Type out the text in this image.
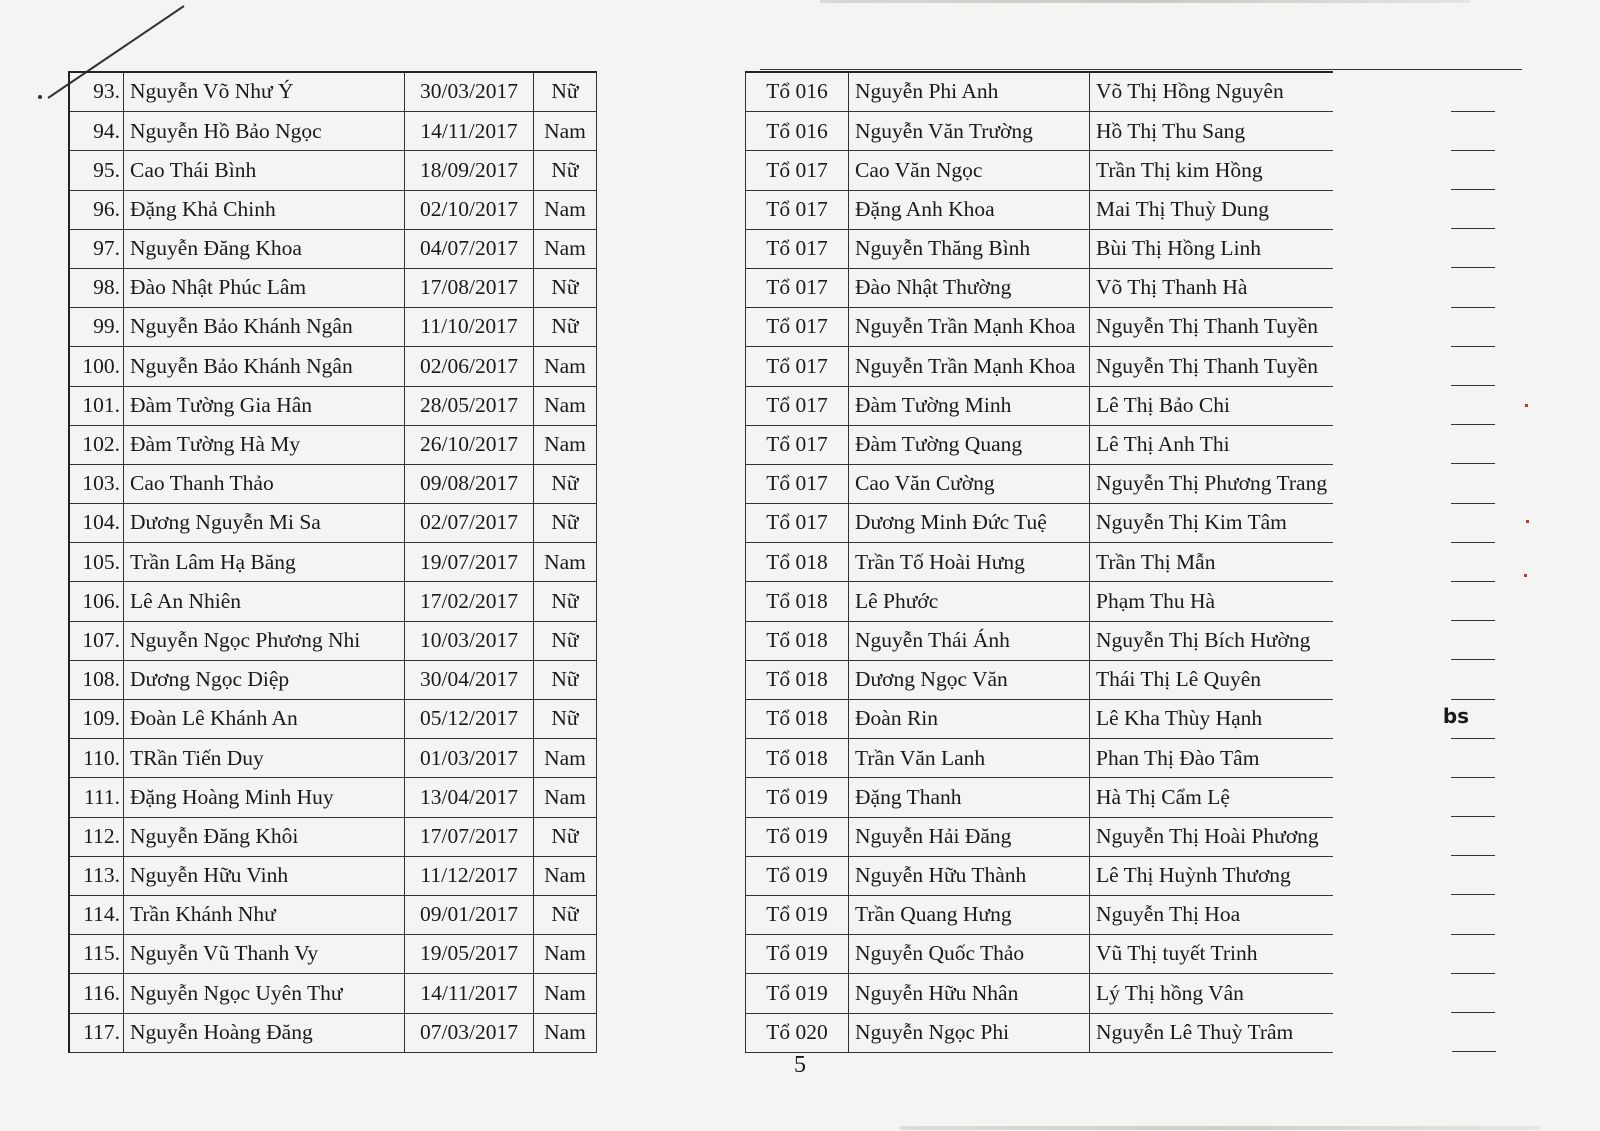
93.	Nguyễn Võ Như Ý	30/03/2017	Nữ		Tổ 016	Nguyễn Phi Anh	Võ Thị Hồng Nguyên	

94.	Nguyễn Hồ Bảo Ngọc	14/11/2017	Nam		Tổ 016	Nguyễn Văn Trường	Hồ Thị Thu Sang	

95.	Cao Thái Bình	18/09/2017	Nữ		Tổ 017	Cao Văn Ngọc	Trần Thị kim Hồng	

96.	Đặng Khả Chinh	02/10/2017	Nam		Tổ 017	Đặng Anh Khoa	Mai Thị Thuỳ Dung	

97.	Nguyễn Đăng Khoa	04/07/2017	Nam		Tổ 017	Nguyễn Thăng Bình	Bùi Thị Hồng Linh	

98.	Đào Nhật Phúc Lâm	17/08/2017	Nữ		Tổ 017	Đào Nhật Thường	Võ Thị Thanh Hà	

99.	Nguyễn Bảo Khánh Ngân	11/10/2017	Nữ		Tổ 017	Nguyễn Trần Mạnh Khoa	Nguyễn Thị Thanh Tuyền	

100.	Nguyễn Bảo Khánh Ngân	02/06/2017	Nam		Tổ 017	Nguyễn Trần Mạnh Khoa	Nguyễn Thị Thanh Tuyền	

101.	Đàm Tường Gia Hân	28/05/2017	Nam		Tổ 017	Đàm Tường Minh	Lê Thị Bảo Chi	

102.	Đàm Tường Hà My	26/10/2017	Nam		Tổ 017	Đàm Tường Quang	Lê Thị Anh Thi	

103.	Cao Thanh Thảo	09/08/2017	Nữ		Tổ 017	Cao Văn Cường	Nguyễn Thị Phương Trang	

104.	Dương Nguyễn Mi Sa	02/07/2017	Nữ		Tổ 017	Dương Minh Đức Tuệ	Nguyễn Thị Kim Tâm	

105.	Trần Lâm Hạ Băng	19/07/2017	Nam		Tổ 018	Trần Tố Hoài Hưng	Trần Thị Mẫn	

106.	Lê An Nhiên	17/02/2017	Nữ		Tổ 018	Lê Phước	Phạm Thu Hà	

107.	Nguyễn Ngọc Phương Nhi	10/03/2017	Nữ		Tổ 018	Nguyễn Thái Ánh	Nguyễn Thị Bích Hường	

108.	Dương Ngọc Diệp	30/04/2017	Nữ		Tổ 018	Dương Ngọc Văn	Thái Thị Lê Quyên	

109.	Đoàn Lê Khánh An	05/12/2017	Nữ		Tổ 018	Đoàn Rin	Lê Kha Thùy Hạnh	bs

110.	TRần Tiến Duy	01/03/2017	Nam		Tổ 018	Trần Văn Lanh	Phan Thị Đào Tâm	

111.	Đặng Hoàng Minh Huy	13/04/2017	Nam		Tổ 019	Đặng Thanh	Hà Thị Cẩm Lệ	

112.	Nguyễn Đăng Khôi	17/07/2017	Nữ		Tổ 019	Nguyễn Hải Đăng	Nguyễn Thị Hoài Phương	

113.	Nguyễn Hữu Vinh	11/12/2017	Nam		Tổ 019	Nguyễn Hữu Thành	Lê Thị Huỳnh Thương	

114.	Trần Khánh Như	09/01/2017	Nữ		Tổ 019	Trần Quang Hưng	Nguyễn Thị Hoa	

115.	Nguyễn Vũ Thanh Vy	19/05/2017	Nam		Tổ 019	Nguyễn Quốc Thảo	Vũ Thị tuyết Trinh	

116.	Nguyễn Ngọc Uyên Thư	14/11/2017	Nam		Tổ 019	Nguyễn Hữu Nhân	Lý Thị hồng Vân	

117.	Nguyễn Hoàng Đăng	07/03/2017	Nam		Tổ 020	Nguyễn Ngọc Phi	Nguyễn Lê Thuỳ Trâm	
5
